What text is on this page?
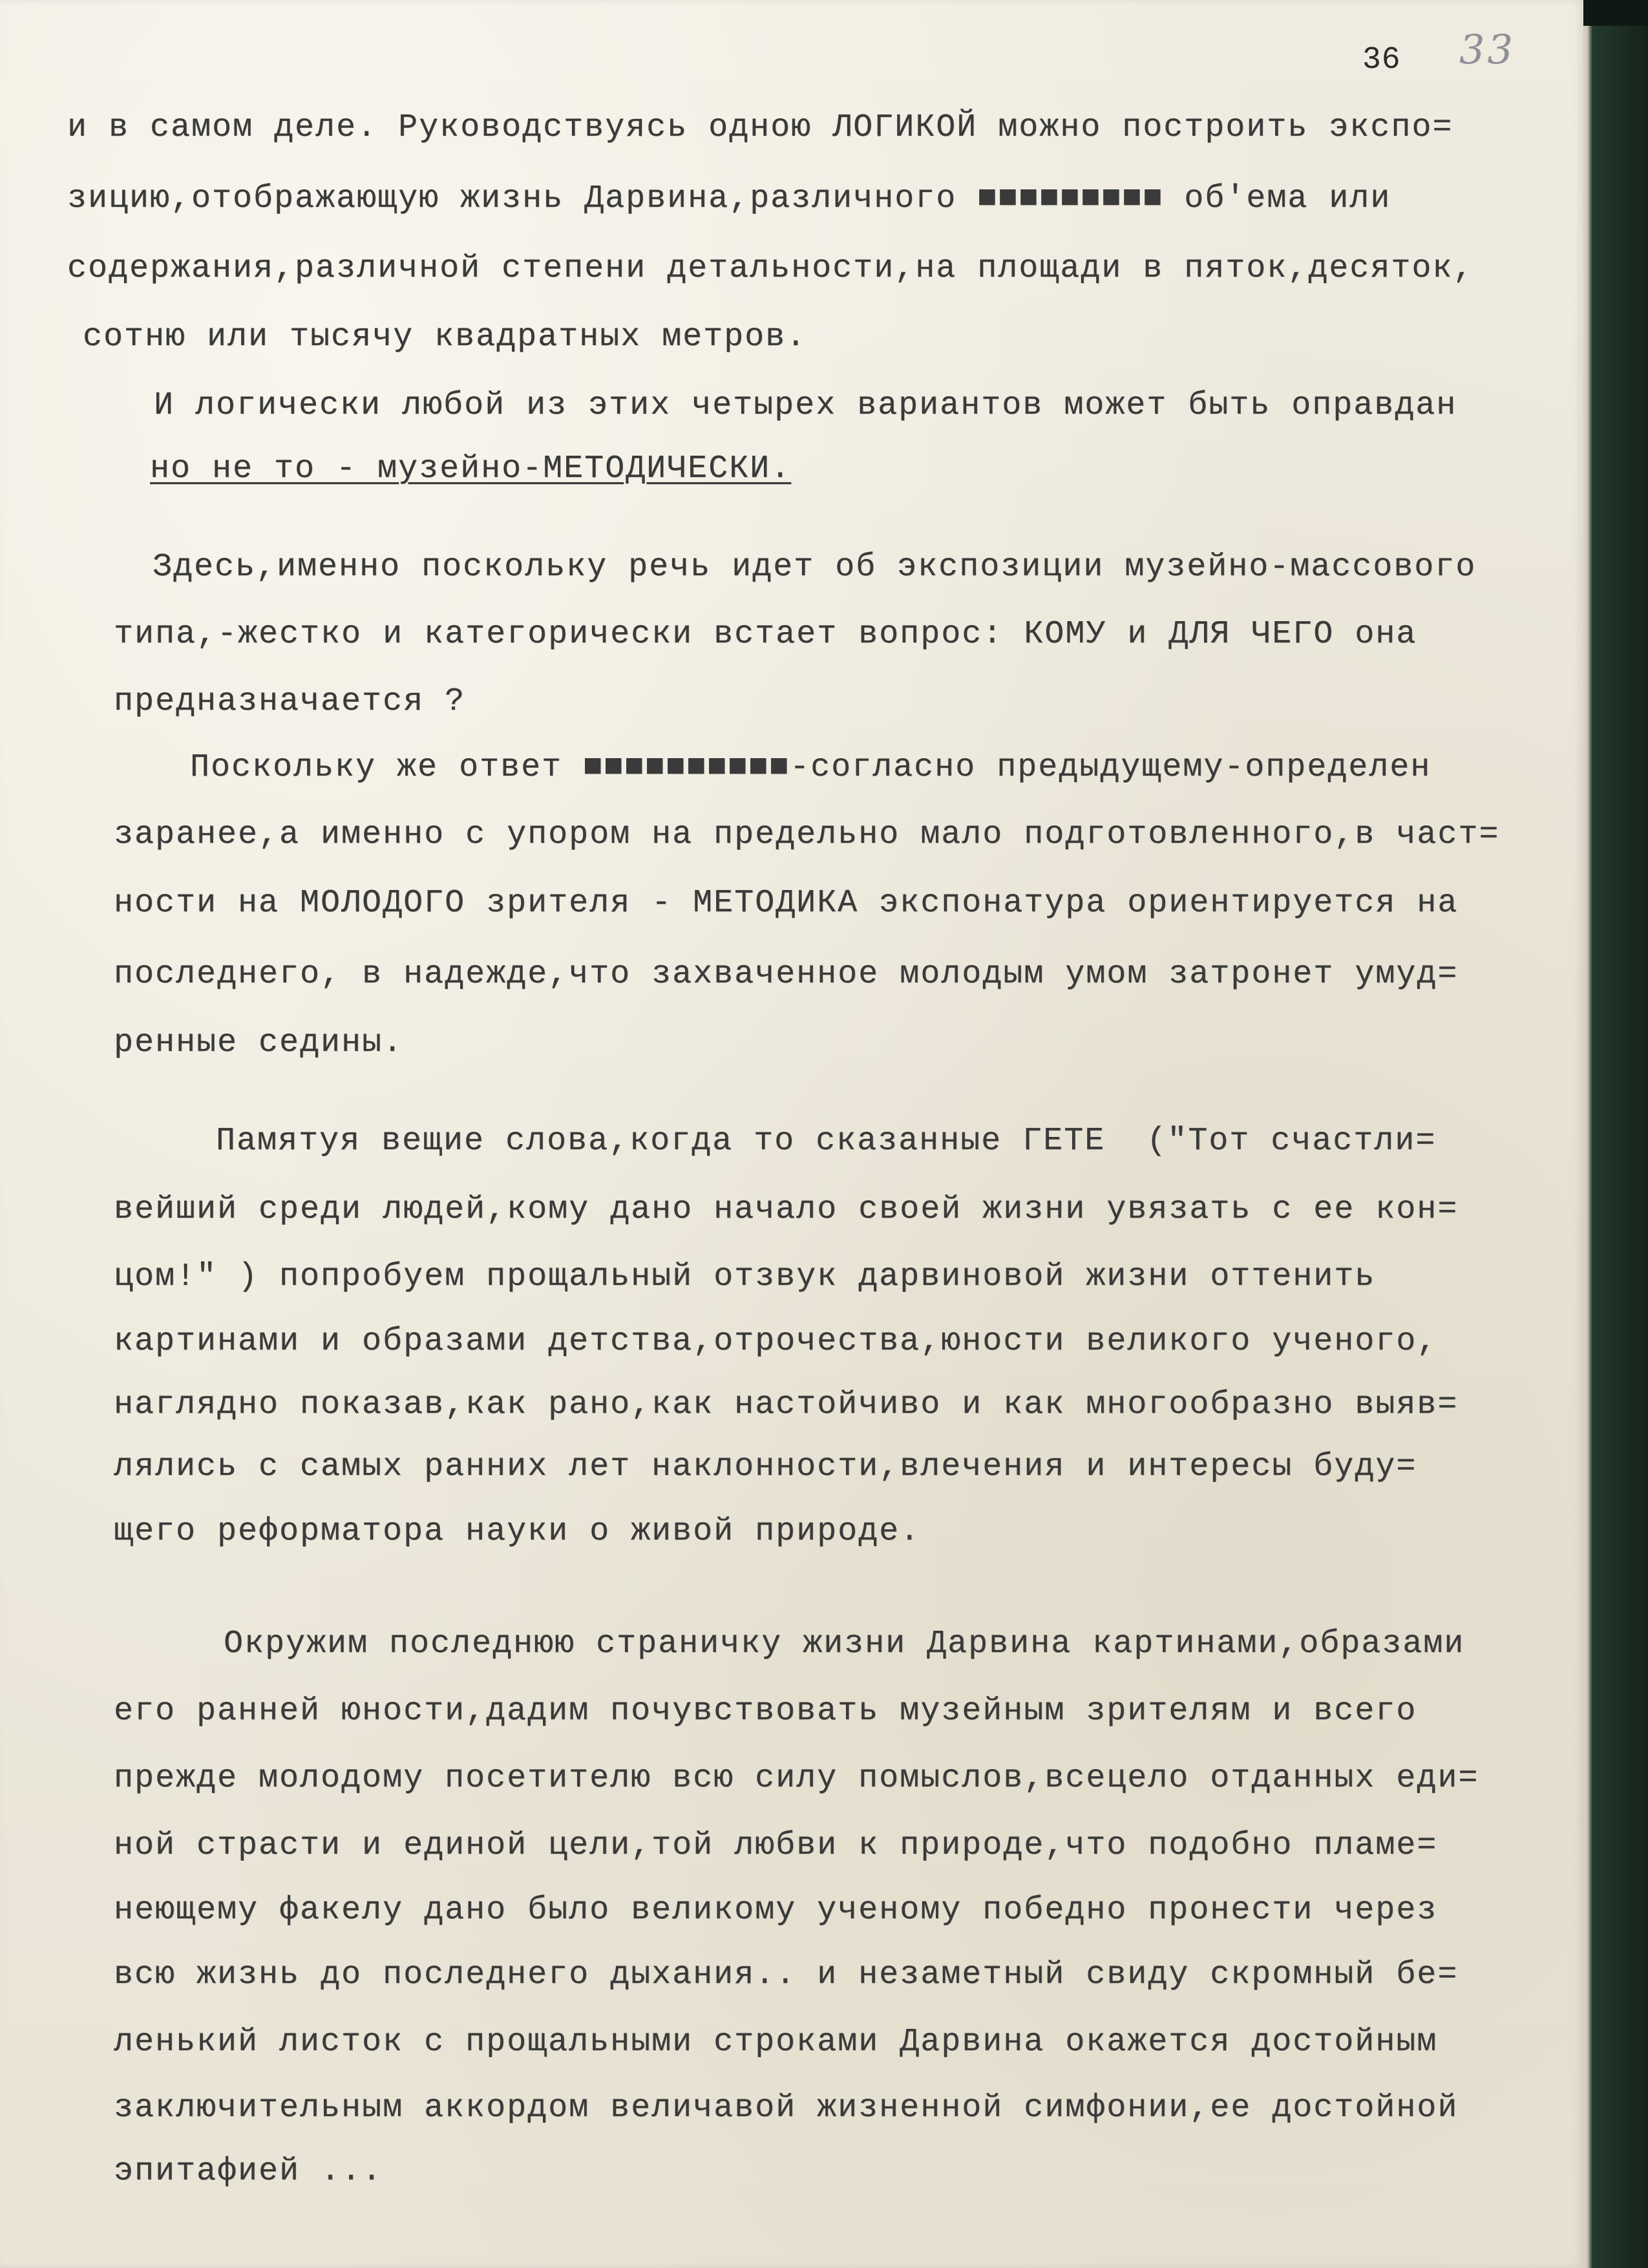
36 33
и в самом деле. Руководствуясь одною ЛОГИКОЙ можно построить экспо=
зицию,отображающую жизнь Дарвина,различного ■■■■■■■■■ об'ема или
содержания,различной степени детальности,на площади в пяток,десяток,
сотню или тысячу квадратных метров.
И логически любой из этих четырех вариантов может быть оправдан
но не то - музейно-МЕТОДИЧЕСКИ.
Здесь,именно поскольку речь идет об экспозиции музейно-массового
типа,-жестко и категорически встает вопрос: КОМУ и ДЛЯ ЧЕГО она
предназначается ?
Поскольку же ответ ■■■■■■■■■■-согласно предыдущему-определен
заранее,а именно с упором на предельно мало подготовленного,в част=
ности на МОЛОДОГО зрителя - МЕТОДИКА экспонатура ориентируется на
последнего, в надежде,что захваченное молодым умом затронет умуд=
ренные седины.
Памятуя вещие слова,когда то сказанные ГЕТЕ  ("Тот счастли=
вейший среди людей,кому дано начало своей жизни увязать с ее кон=
цом!" ) попробуем прощальный отзвук дарвиновой жизни оттенить
картинами и образами детства,отрочества,юности великого ученого,
наглядно показав,как рано,как настойчиво и как многообразно выяв=
лялись с самых ранних лет наклонности,влечения и интересы буду=
щего реформатора науки о живой природе.
Окружим последнюю страничку жизни Дарвина картинами,образами
его ранней юности,дадим почувствовать музейным зрителям и всего
прежде молодому посетителю всю силу помыслов,всецело отданных еди=
ной страсти и единой цели,той любви к природе,что подобно пламе=
неющему факелу дано было великому ученому победно пронести через
всю жизнь до последнего дыхания.. и незаметный свиду скромный бе=
ленький листок с прощальными строками Дарвина окажется достойным
заключительным аккордом величавой жизненной симфонии,ее достойной
эпитафией ...
